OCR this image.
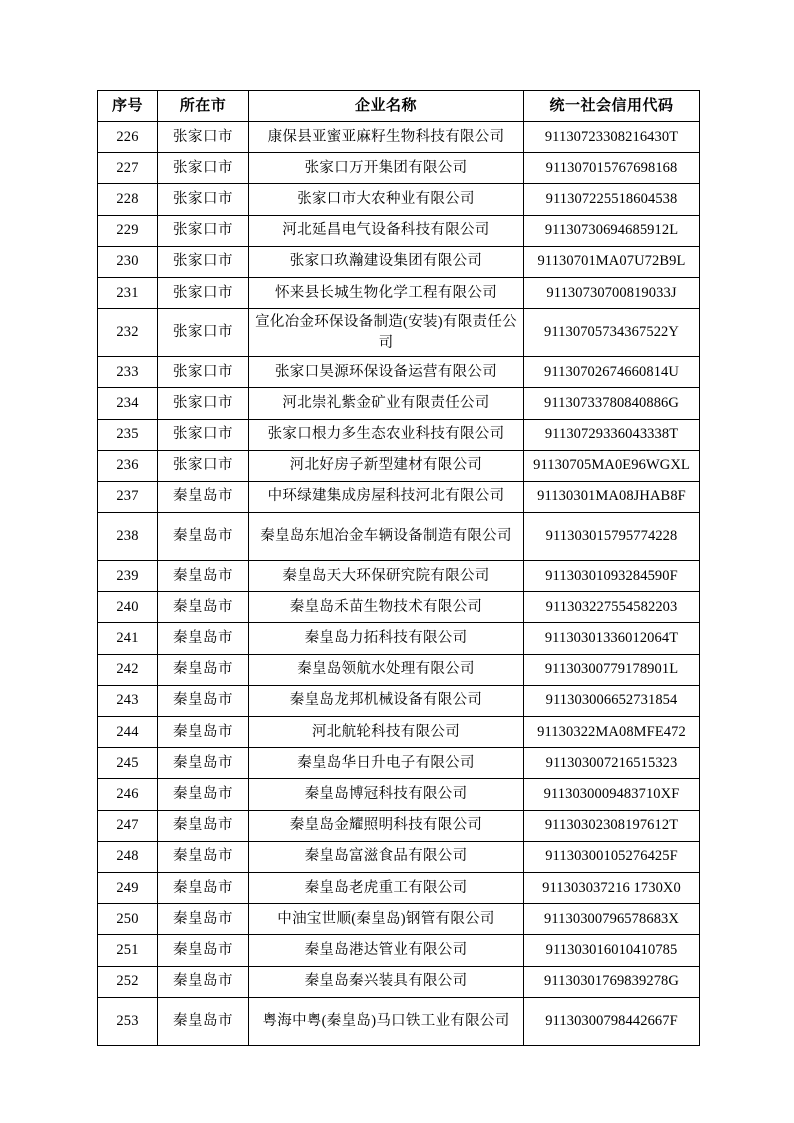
序号	所在市	企业名称	统一社会信用代码
226	张家口市	康保县亚蜜亚麻籽生物科技有限公司	91130723308216430T
227	张家口市	张家口万开集团有限公司	911307015767698168
228	张家口市	张家口市大农种业有限公司	911307225518604538
229	张家口市	河北延昌电气设备科技有限公司	91130730694685912L
230	张家口市	张家口玖瀚建设集团有限公司	91130701MA07U72B9L
231	张家口市	怀来县长城生物化学工程有限公司	91130730700819033J
232	张家口市	宣化冶金环保设备制造(安装)有限责任公司	91130705734367522Y
233	张家口市	张家口昊源环保设备运营有限公司	91130702674660814U
234	张家口市	河北崇礼紫金矿业有限责任公司	91130733780840886G
235	张家口市	张家口根力多生态农业科技有限公司	91130729336043338T
236	张家口市	河北好房子新型建材有限公司	91130705MA0E96WGXL
237	秦皇岛市	中环绿建集成房屋科技河北有限公司	91130301MA08JHAB8F
238	秦皇岛市	秦皇岛东旭冶金车辆设备制造有限公司	911303015795774228
239	秦皇岛市	秦皇岛天大环保研究院有限公司	91130301093284590F
240	秦皇岛市	秦皇岛禾苗生物技术有限公司	911303227554582203
241	秦皇岛市	秦皇岛力拓科技有限公司	91130301336012064T
242	秦皇岛市	秦皇岛领航水处理有限公司	91130300779178901L
243	秦皇岛市	秦皇岛龙邦机械设备有限公司	911303006652731854
244	秦皇岛市	河北航轮科技有限公司	91130322MA08MFE472
245	秦皇岛市	秦皇岛华日升电子有限公司	911303007216515323
246	秦皇岛市	秦皇岛博冠科技有限公司	9113030009483710XF
247	秦皇岛市	秦皇岛金耀照明科技有限公司	91130302308197612T
248	秦皇岛市	秦皇岛富滋食品有限公司	91130300105276425F
249	秦皇岛市	秦皇岛老虎重工有限公司	911303037216 1730X0
250	秦皇岛市	中油宝世顺(秦皇岛)钢管有限公司	91130300796578683X
251	秦皇岛市	秦皇岛港达管业有限公司	911303016010410785
252	秦皇岛市	秦皇岛秦兴装具有限公司	91130301769839278G
253	秦皇岛市	粤海中粤(秦皇岛)马口铁工业有限公司	91130300798442667F
